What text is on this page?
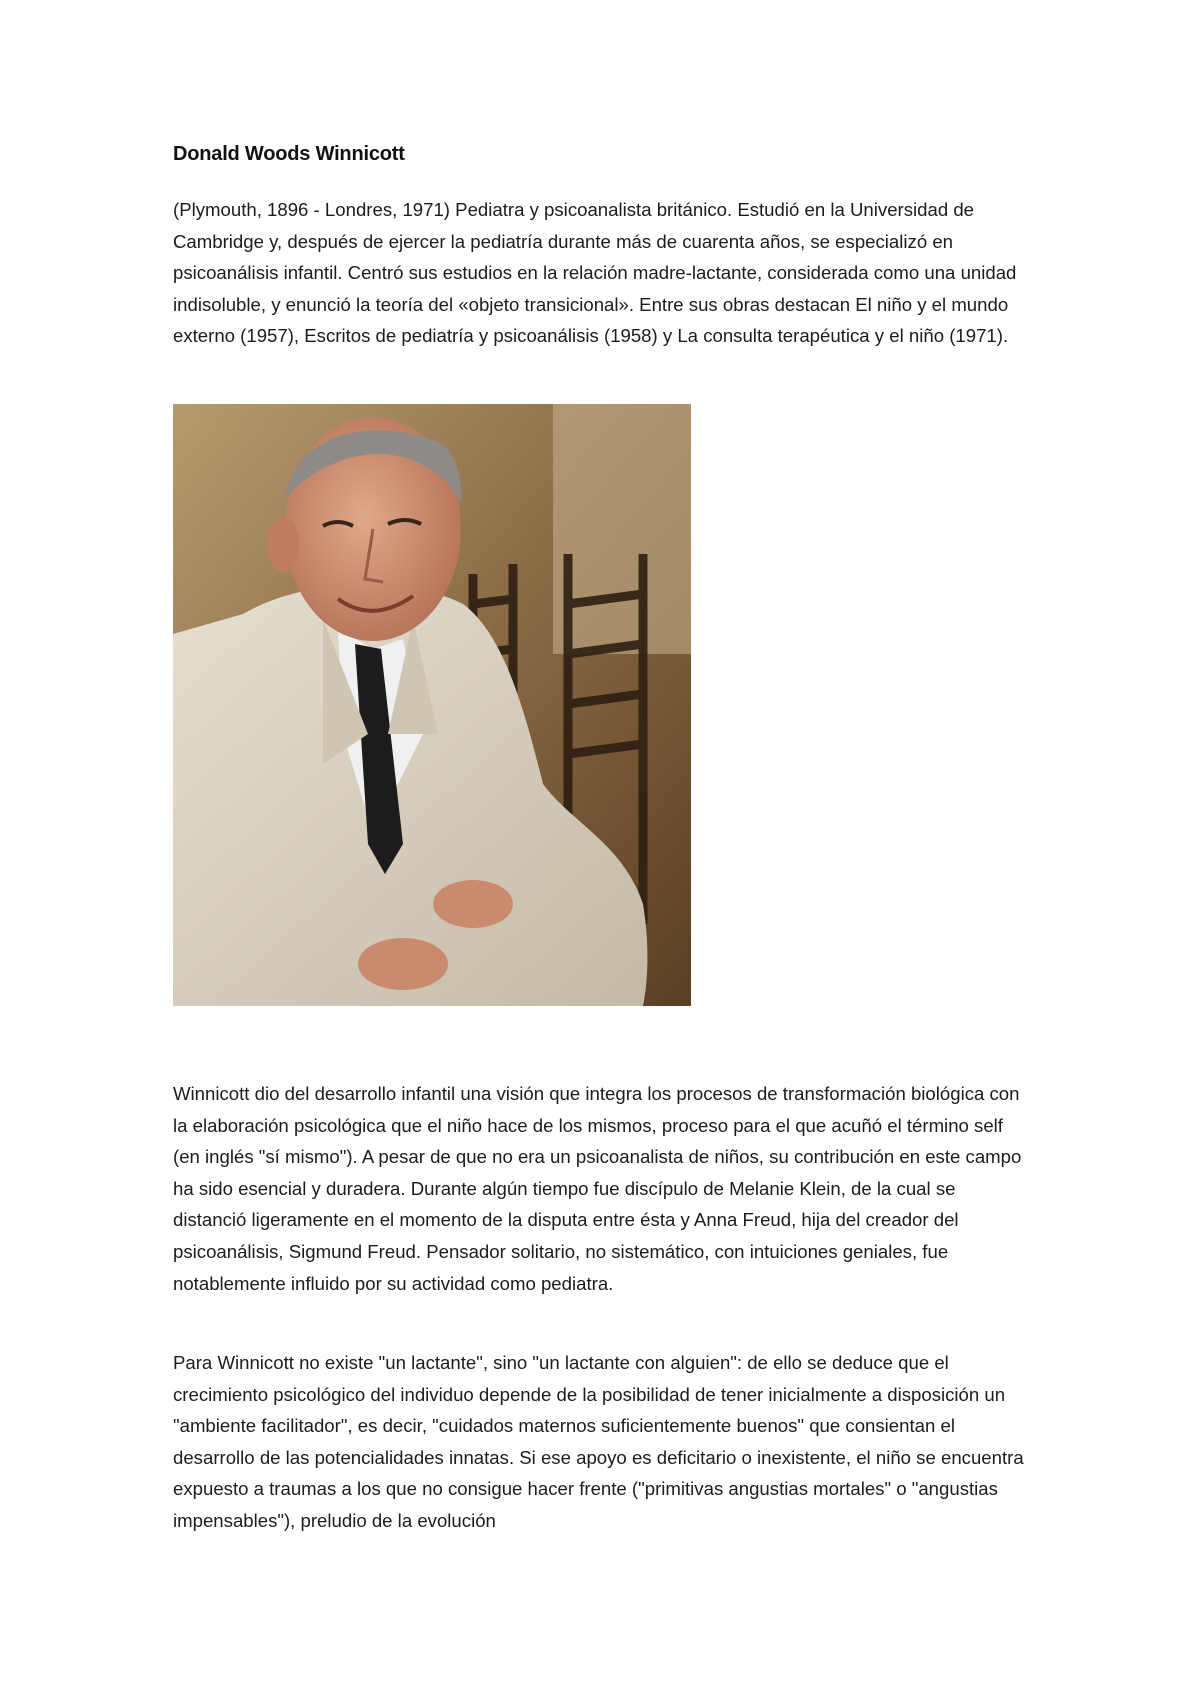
Donald Woods Winnicott

(Plymouth, 1896 - Londres, 1971) Pediatra y psicoanalista británico. Estudió en la Universidad de Cambridge y, después de ejercer la pediatría durante más de cuarenta años, se especializó en psicoanálisis infantil. Centró sus estudios en la relación madre-lactante, considerada como una unidad indisoluble, y enunció la teoría del «objeto transicional». Entre sus obras destacan El niño y el mundo externo (1957), Escritos de pediatría y psicoanálisis (1958) y La consulta terapéutica y el niño (1971).

Winnicott dio del desarrollo infantil una visión que integra los procesos de transformación biológica con la elaboración psicológica que el niño hace de los mismos, proceso para el que acuñó el término self (en inglés "sí mismo"). A pesar de que no era un psicoanalista de niños, su contribución en este campo ha sido esencial y duradera. Durante algún tiempo fue discípulo de Melanie Klein, de la cual se distanció ligeramente en el momento de la disputa entre ésta y Anna Freud, hija del creador del psicoanálisis, Sigmund Freud. Pensador solitario, no sistemático, con intuiciones geniales, fue notablemente influido por su actividad como pediatra.

Para Winnicott no existe "un lactante", sino "un lactante con alguien": de ello se deduce que el crecimiento psicológico del individuo depende de la posibilidad de tener inicialmente a disposición un "ambiente facilitador", es decir, "cuidados maternos suficientemente buenos" que consientan el desarrollo de las potencialidades innatas. Si ese apoyo es deficitario o inexistente, el niño se encuentra expuesto a traumas a los que no consigue hacer frente ("primitivas angustias mortales" o "angustias impensables"), preludio de la evolución
